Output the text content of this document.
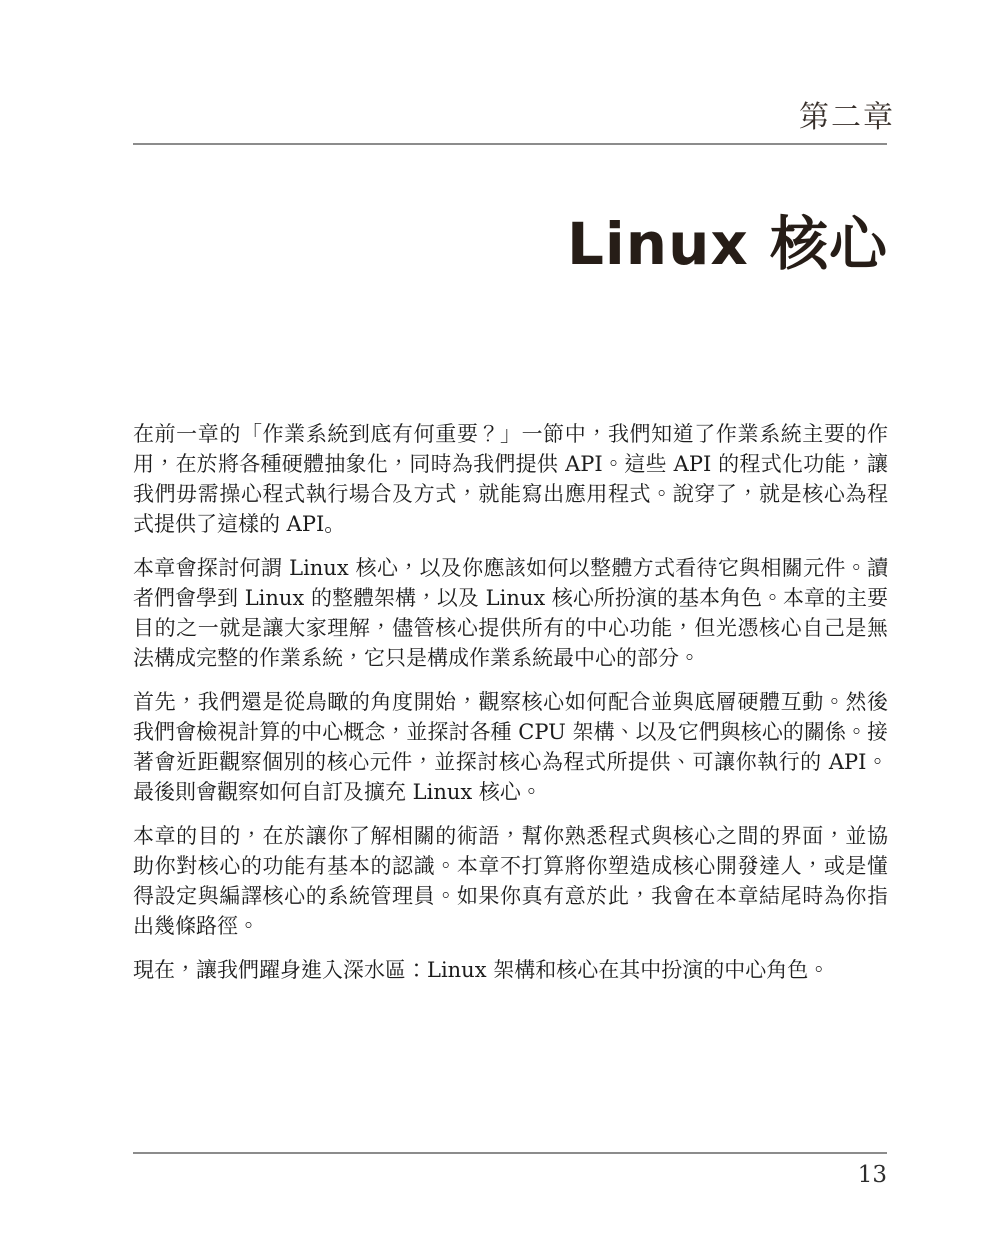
第二章
Linux 核心

在前一章的「作業系統到底有何重要？」一節中，我們知道了作業系統主要的作用，在於將各種硬體抽象化，同時為我們提供 API。這些 API 的程式化功能，讓我們毋需操心程式執行場合及方式，就能寫出應用程式。說穿了，就是核心為程式提供了這樣的 API。

本章會探討何謂 Linux 核心，以及你應該如何以整體方式看待它與相關元件。讀者們會學到 Linux 的整體架構，以及 Linux 核心所扮演的基本角色。本章的主要目的之一就是讓大家理解，儘管核心提供所有的中心功能，但光憑核心自己是無法構成完整的作業系統，它只是構成作業系統最中心的部分。

首先，我們還是從鳥瞰的角度開始，觀察核心如何配合並與底層硬體互動。然後我們會檢視計算的中心概念，並探討各種 CPU 架構、以及它們與核心的關係。接著會近距觀察個別的核心元件，並探討核心為程式所提供、可讓你執行的 API。最後則會觀察如何自訂及擴充 Linux 核心。

本章的目的，在於讓你了解相關的術語，幫你熟悉程式與核心之間的界面，並協助你對核心的功能有基本的認識。本章不打算將你塑造成核心開發達人，或是懂得設定與編譯核心的系統管理員。如果你真有意於此，我會在本章結尾時為你指出幾條路徑。

現在，讓我們躍身進入深水區：Linux 架構和核心在其中扮演的中心角色。

13
